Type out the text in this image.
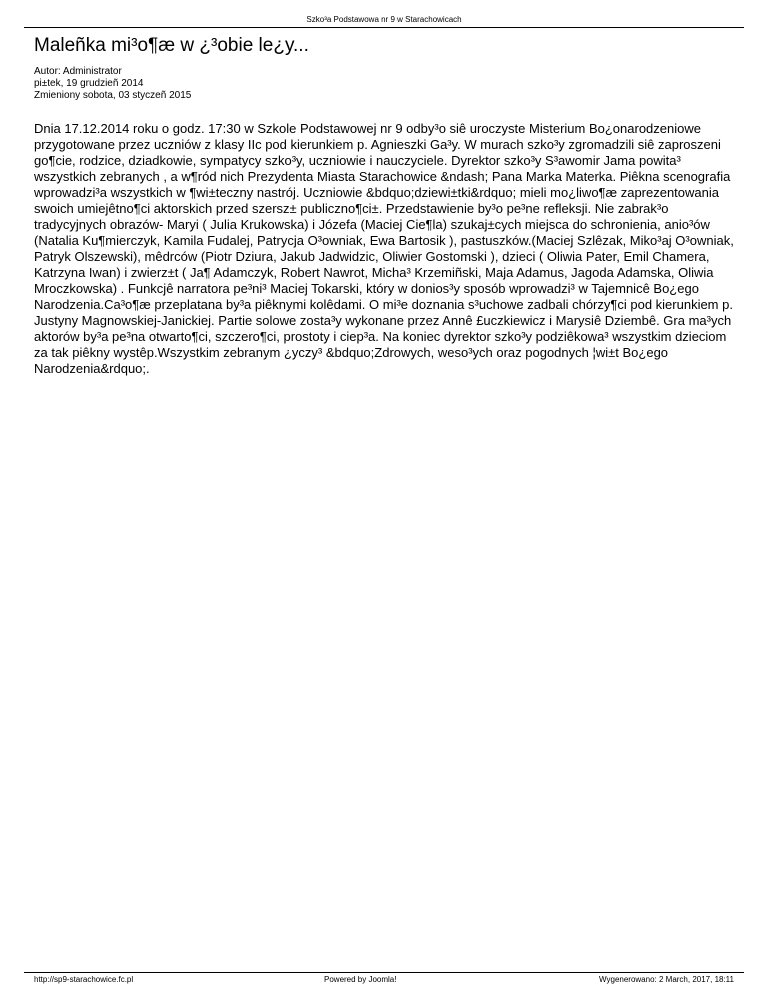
Szko³a Podstawowa nr 9 w Starachowicach
Maleñka mi³o¶æ w ¿³obie le¿y...
Autor: Administrator
pi±tek, 19 grudzieñ 2014
Zmieniony sobota, 03 styczeñ 2015

Dnia 17.12.2014 roku o godz. 17:30 w Szkole Podstawowej nr 9 odby³o siê uroczyste Misterium Bo¿onarodzeniowe przygotowane przez uczniów z klasy IIc pod kierunkiem p. Agnieszki Ga³y. W murach szko³y zgromadzili siê zaproszeni go¶cie, rodzice, dziadkowie, sympatycy szko³y, uczniowie i nauczyciele. Dyrektor szko³y S³awomir Jama powita³ wszystkich zebranych , a w¶ród nich Prezydenta Miasta Starachowice &ndash; Pana Marka Materka. Piêkna scenografia wprowadzi³a wszystkich w ¶wi±teczny nastrój. Uczniowie &bdquo;dziewi±tki&rdquo; mieli mo¿liwo¶æ zaprezentowania swoich umiejêtno¶ci aktorskich przed szersz± publiczno¶ci±. Przedstawienie by³o pe³ne refleksji. Nie zabrak³o tradycyjnych obrazów- Maryi ( Julia Krukowska) i Józefa (Maciej Cie¶la) szukaj±cych miejsca do schronienia, anio³ów (Natalia Ku¶mierczyk, Kamila Fudalej, Patrycja O³owniak, Ewa Bartosik ), pastuszków.(Maciej Szlêzak, Miko³aj O³owniak, Patryk Olszewski), mêdrców (Piotr Dziura, Jakub Jadwidzic, Oliwier Gostomski ), dzieci ( Oliwia Pater, Emil Chamera, Katrzyna Iwan) i zwierz±t ( Ja¶ Adamczyk, Robert Nawrot, Micha³ Krzemiñski, Maja Adamus, Jagoda Adamska, Oliwia Mroczkowska) . Funkcjê narratora pe³ni³ Maciej Tokarski, który w donios³y sposób wprowadzi³ w Tajemnicê Bo¿ego Narodzenia.Ca³o¶æ przeplatana by³a piêknymi kolêdami. O mi³e doznania s³uchowe zadbali chórzy¶ci pod kierunkiem p. Justyny Magnowskiej-Janickiej. Partie solowe zosta³y wykonane przez Annê £uczkiewicz i Marysiê Dziembê. Gra ma³ych aktorów by³a pe³na otwarto¶ci, szczero¶ci, prostoty i ciep³a. Na koniec dyrektor szko³y podziêkowa³ wszystkim dzieciom za tak piêkny wystêp.Wszystkim zebranym ¿yczy³ &bdquo;Zdrowych, weso³ych oraz pogodnych ¦wi±t Bo¿ego Narodzenia&rdquo;.

http://sp9-starachowice.fc.pl	Powered by Joomla!	Wygenerowano: 2 March, 2017, 18:11
